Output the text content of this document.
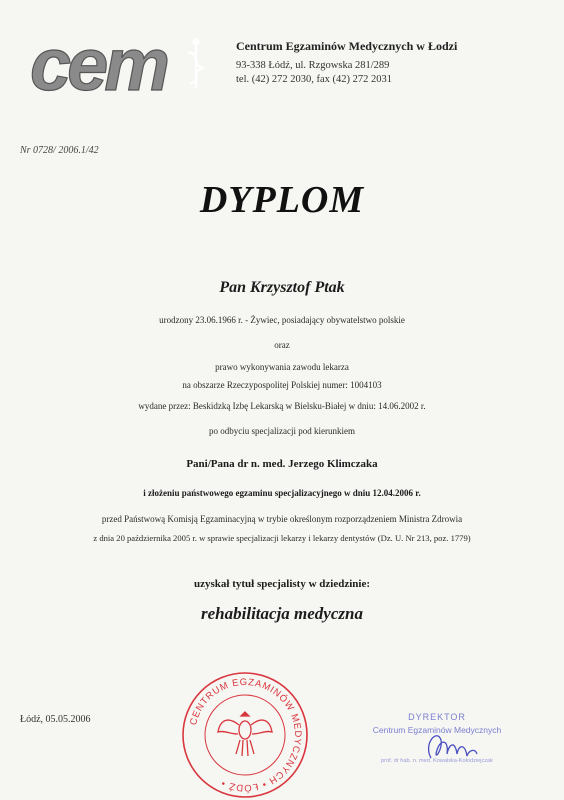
cem	Centrum Egzaminów Medycznych w Łodzi
93-338 Łódź, ul. Rzgowska 281/289
tel. (42) 272 2030, fax (42) 272 2031
Nr 0728/ 2006.1/42
DYPLOM
Pan Krzysztof Ptak
urodzony 23.06.1966 r. - Żywiec, posiadający obywatelstwo polskie
oraz
prawo wykonywania zawodu lekarza
na obszarze Rzeczypospolitej Polskiej numer: 1004103
wydane przez: Beskidzką Izbę Lekarską w Bielsku-Białej w dniu: 14.06.2002 r.
po odbyciu specjalizacji pod kierunkiem
Pani/Pana dr n. med. Jerzego Klimczaka
i złożeniu państwowego egzaminu specjalizacyjnego w dniu 12.04.2006 r.
przed Państwową Komisją Egzaminacyjną w trybie określonym rozporządzeniem Ministra Zdrowia
z dnia 20 października 2005 r. w sprawie specjalizacji lekarzy i lekarzy dentystów (Dz. U. Nr 213, poz. 1779)
uzyskał tytuł specjalisty w dziedzinie:
rehabilitacja medyczna
Łódź, 05.05.2006	CENTRUM EGZAMINÓW MEDYCZNYCH • ŁÓDŹ •
DYREKTOR
Centrum Egzaminów Medycznych
prof. dr hab. n. med. Kowalska-Kołodziejczak
